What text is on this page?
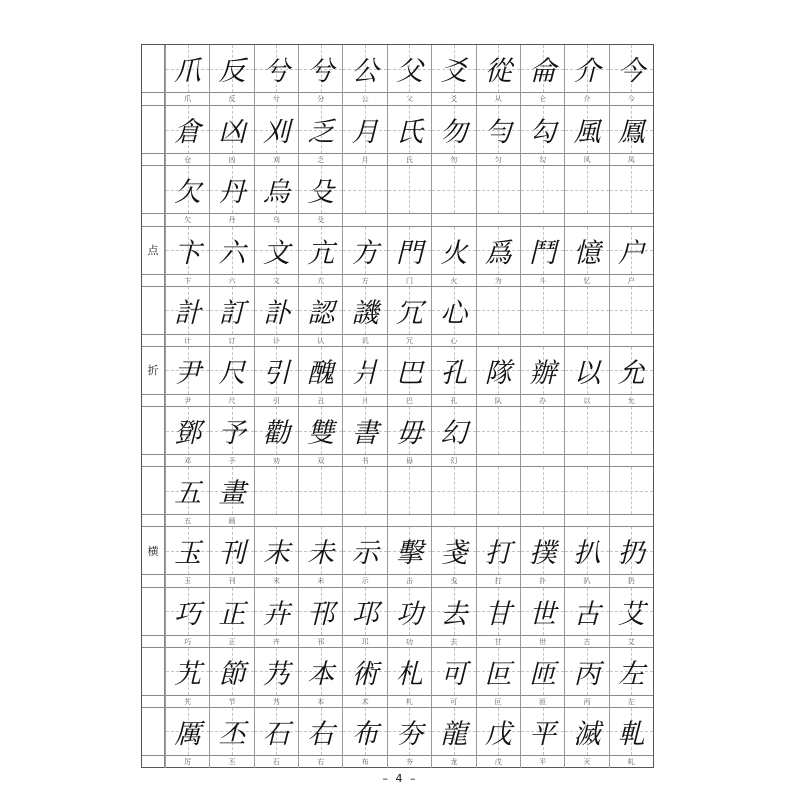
爪
爪
反
反
兮
兮
兮
分
公
公
父
父
爻
爻
從
从
侖
仑
介
介
今
今
倉
仓
凶
凶
刈
刈
乏
乏
月
月
氏
氏
勿
勿
勻
匀
勾
勾
風
风
鳳
凤
欠
欠
丹
丹
烏
乌
殳
殳
点 卞
卞
六
六
文
文
亢
亢
方
方
門
门
火
火
爲
为
鬥
斗
憶
忆
户
户
計
计
訂
订
訃
讣
認
认
譏
讥
冗
冗
心
心
折 尹
尹
尺
尺
引
引
醜
丑
爿
爿
巴
巴
孔
孔
隊
队
辦
办
以
以
允
允
鄧
邓
予
予
勸
劝
雙
双
書
书
毋
毋
幻
幻
五
五
畫
画
横 玉
玉
刊
刊
末
末
未
未
示
示
擊
击
戔
戋
打
打
撲
扑
扒
扒
扔
扔
巧
巧
正
正
卉
卉
邗
邗
邛
邛
功
功
去
去
甘
甘
世
世
古
古
艾
艾
艽
艽
節
节
艿
艿
本
本
術
术
札
札
可
可
叵
叵
匝
匝
丙
丙
左
左
厲
厉
丕
丕
石
石
右
右
布
布
夯
夯
龍
龙
戊
戊
平
平
滅
灭
軋
轧
– 4 –
